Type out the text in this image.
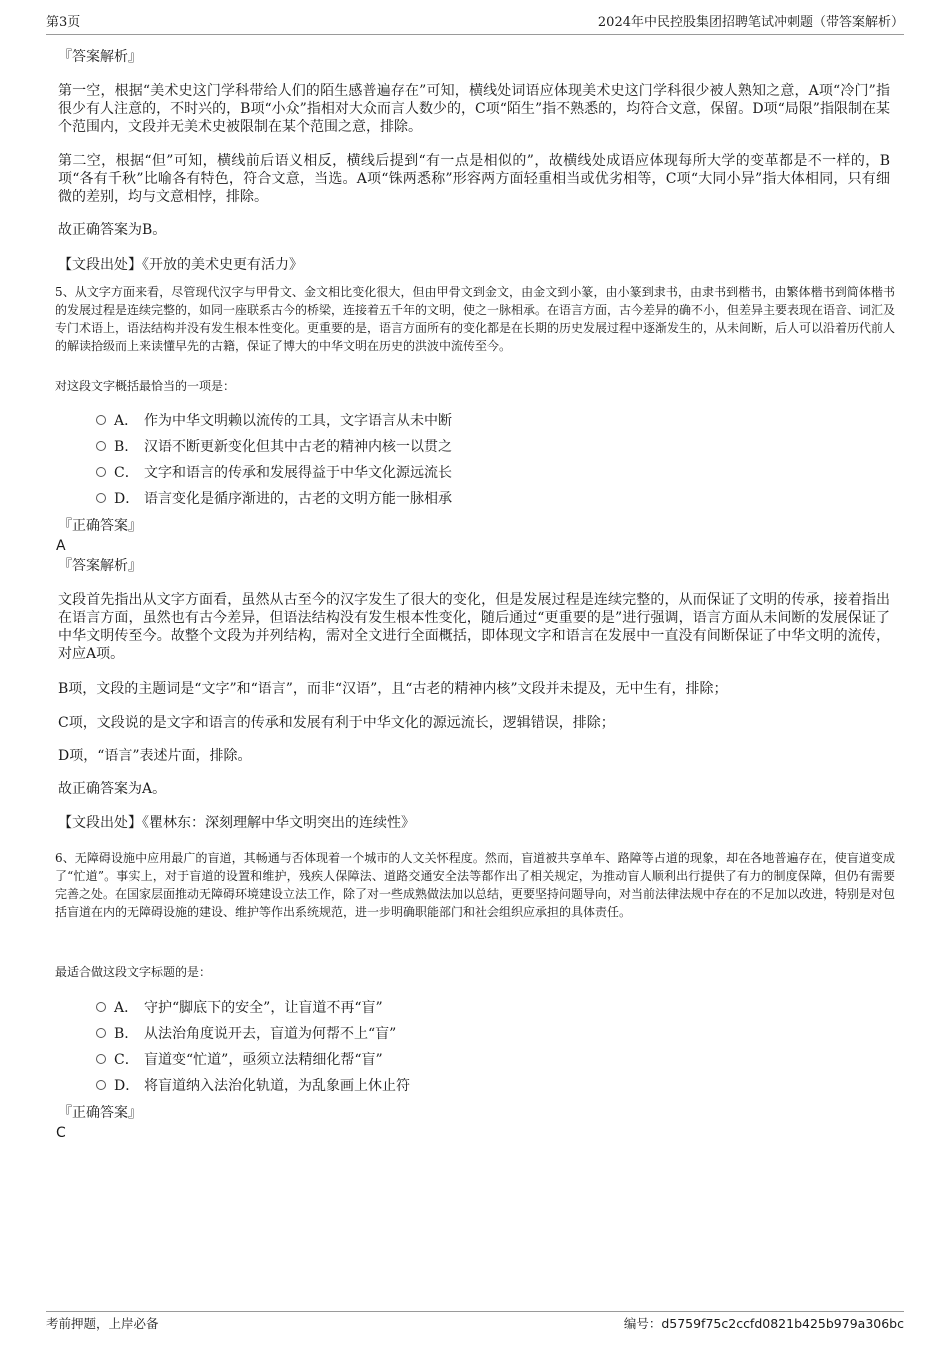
第3页	2024年中民控股集团招聘笔试冲刺题（带答案解析）
『答案解析』
第一空，根据“美术史这门学科带给人们的陌生感普遍存在”可知，横线处词语应体现美术史这门学科很少被人熟知之意，A项“冷门”指很少有人注意的，不时兴的，B项“小众”指相对大众而言人数少的，C项“陌生”指不熟悉的，均符合文意，保留。D项“局限”指限制在某个范围内，文段并无美术史被限制在某个范围之意，排除。
第二空，根据“但”可知，横线前后语义相反，横线后提到“有一点是相似的”，故横线处成语应体现每所大学的变革都是不一样的，B项“各有千秋”比喻各有特色，符合文意，当选。A项“铢两悉称”形容两方面轻重相当或优劣相等，C项“大同小异”指大体相同，只有细微的差别，均与文意相悖，排除。
故正确答案为B。
【文段出处】《开放的美术史更有活力》
5、从文字方面来看，尽管现代汉字与甲骨文、金文相比变化很大，但由甲骨文到金文，由金文到小篆，由小篆到隶书，由隶书到楷书，由繁体楷书到简体楷书的发展过程是连续完整的，如同一座联系古今的桥梁，连接着五千年的文明，使之一脉相承。在语言方面，古今差异的确不小，但差异主要表现在语音、词汇及专门术语上，语法结构并没有发生根本性变化。更重要的是，语言方面所有的变化都是在长期的历史发展过程中逐渐发生的，从未间断，后人可以沿着历代前人的解读拾级而上来读懂早先的古籍，保证了博大的中华文明在历史的洪波中流传至今。
对这段文字概括最恰当的一项是：
A． 作为中华文明赖以流传的工具，文字语言从未中断
B. 汉语不断更新变化但其中古老的精神内核一以贯之
C． 文字和语言的传承和发展得益于中华文化源远流长
D． 语言变化是循序渐进的，古老的文明方能一脉相承
『正确答案』
A
『答案解析』
文段首先指出从文字方面看，虽然从古至今的汉字发生了很大的变化，但是发展过程是连续完整的，从而保证了文明的传承，接着指出在语言方面，虽然也有古今差异，但语法结构没有发生根本性变化，随后通过“更重要的是”进行强调，语言方面从未间断的发展保证了中华文明传至今。故整个文段为并列结构，需对全文进行全面概括，即体现文字和语言在发展中一直没有间断保证了中华文明的流传，对应A项。
B项，文段的主题词是“文字”和“语言”，而非“汉语”，且“古老的精神内核”文段并未提及，无中生有，排除；
C项，文段说的是文字和语言的传承和发展有利于中华文化的源远流长，逻辑错误，排除；
D项，“语言”表述片面，排除。
故正确答案为A。
【文段出处】《瞿林东：深刻理解中华文明突出的连续性》
6、无障碍设施中应用最广的盲道，其畅通与否体现着一个城市的人文关怀程度。然而，盲道被共享单车、路障等占道的现象，却在各地普遍存在，使盲道变成了“忙道”。事实上，对于盲道的设置和维护，残疾人保障法、道路交通安全法等都作出了相关规定，为推动盲人顺利出行提供了有力的制度保障，但仍有需要完善之处。在国家层面推动无障碍环境建设立法工作，除了对一些成熟做法加以总结，更要坚持问题导向，对当前法律法规中存在的不足加以改进，特别是对包括盲道在内的无障碍设施的建设、维护等作出系统规范，进一步明确职能部门和社会组织应承担的具体责任。
最适合做这段文字标题的是：
A． 守护“脚底下的安全”，让盲道不再“盲”
B. 从法治角度说开去，盲道为何帮不上“盲”
C． 盲道变“忙道”，亟须立法精细化帮“盲”
D． 将盲道纳入法治化轨道，为乱象画上休止符
『正确答案』
C
考前押题，上岸必备	编号：d5759f75c2ccfd0821b425b979a306bc
